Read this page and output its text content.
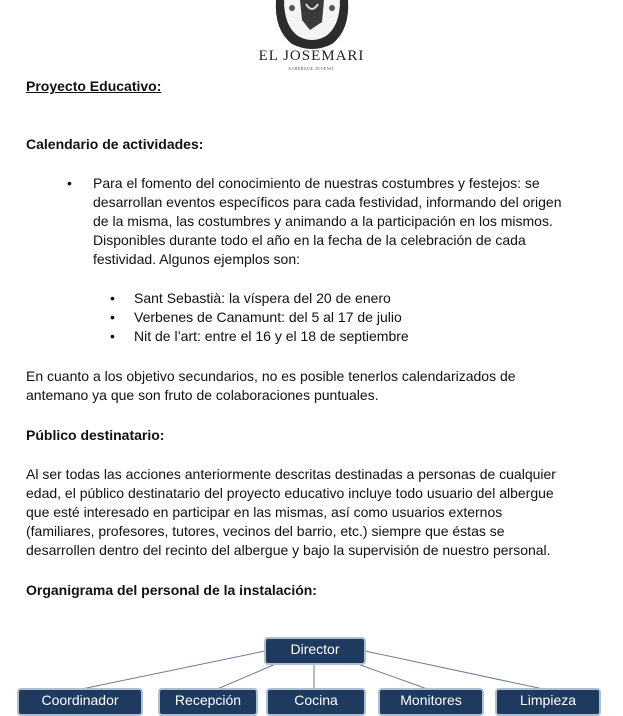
EL JOSEMARI
ALBERGUE JUVENIL
Proyecto Educativo:
Calendario de actividades:
• Para el fomento del conocimiento de nuestras costumbres y festejos: se
desarrollan eventos específicos para cada festividad, informando del origen
de la misma, las costumbres y animando a la participación en los mismos.
Disponibles durante todo el año en la fecha de la celebración de cada
festividad. Algunos ejemplos son:
• Sant Sebastià: la víspera del 20 de enero
• Verbenes de Canamunt: del 5 al 17 de julio
• Nit de l’art: entre el 16 y el 18 de septiembre
En cuanto a los objetivo secundarios, no es posible tenerlos calendarizados de
antemano ya que son fruto de colaboraciones puntuales.
Público destinatario:
Al ser todas las acciones anteriormente descritas destinadas a personas de cualquier
edad, el público destinatario del proyecto educativo incluye todo usuario del albergue
que esté interesado en participar en las mismas, así como usuarios externos
(familiares, profesores, tutores, vecinos del barrio, etc.) siempre que éstas se
desarrollen dentro del recinto del albergue y bajo la supervisión de nuestro personal.
Organigrama del personal de la instalación:
Director
Coordinador	Recepción	Cocina	Monitores	Limpieza
